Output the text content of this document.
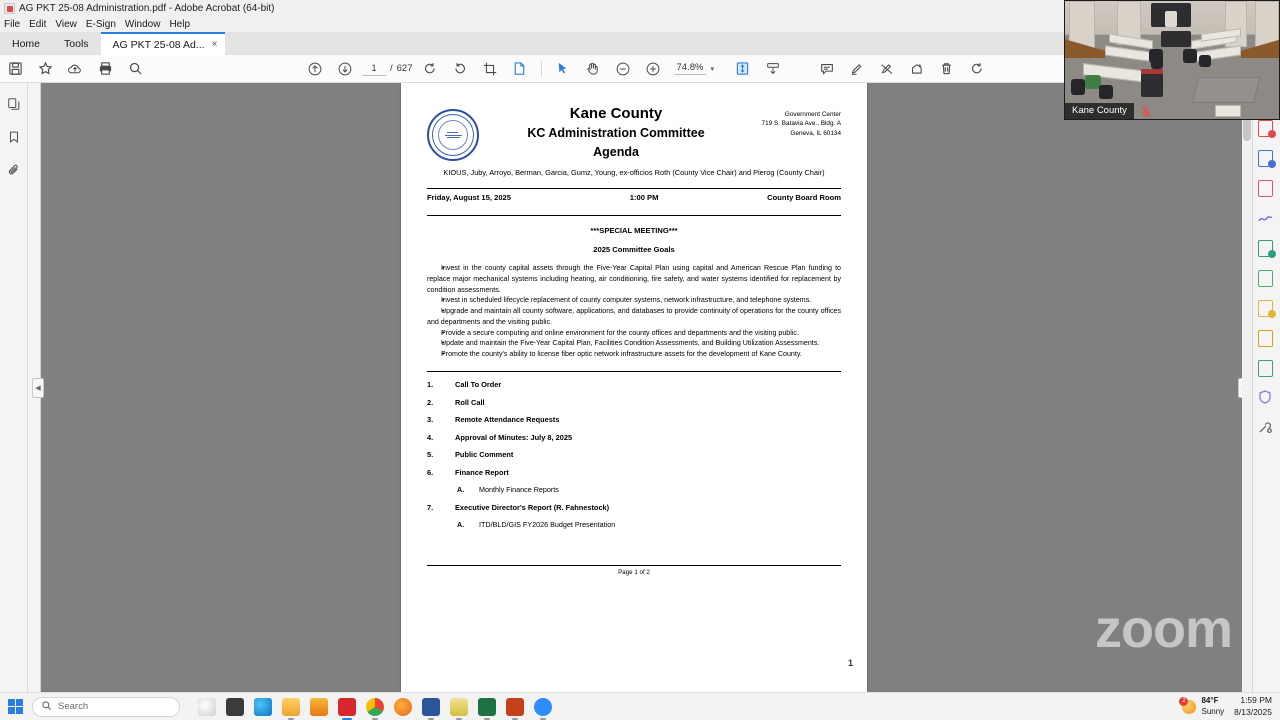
AG PKT 25-08 Administration.pdf - Adobe Acrobat (64-bit)
File Edit View E-Sign Window Help
Home	Tools	AG PKT 25-08 Ad... ×
1
/ 627	74.8%	▾
◀
Kane County
KC Administration Committee
Agenda
Government Center
719 S. Batavia Ave., Bldg. A
Geneva, IL 60134
KIOUS, Juby, Arroyo, Berman, Garcia, Gumz, Young, ex-officios Roth (County Vice Chair) and Pierog (County Chair)
Friday, August 15, 2025	1:00 PM	County Board Room
***SPECIAL MEETING***
2025 Committee Goals
• Invest in the county capital assets through the Five-Year Capital Plan using capital and American Rescue Plan funding to replace major mechanical systems including heating, air conditioning, fire safety, and water systems identified for replacement by condition assessments.
• Invest in scheduled lifecycle replacement of county computer systems, network infrastructure, and telephone systems.
• Upgrade and maintain all county software, applications, and databases to provide continuity of operations for the county offices and departments and the visiting public.
• Provide a secure computing and online environment for the county offices and departments and the visiting public.
• Update and maintain the Five-Year Capital Plan, Facilities Condition Assessments, and Building Utilization Assessments.
• Promote the county's ability to license fiber optic network infrastructure assets for the development of Kane County.
1.	Call To Order
2.	Roll Call
3.	Remote Attendance Requests
4.	Approval of Minutes: July 8, 2025
5.	Public Comment
6.	Finance Report
A.	Monthly Finance Reports
7.	Executive Director's Report (R. Fahnestock)
A.	ITD/BLD/GIS FY2026 Budget Presentation
Page 1 of 2
1
zoom
Kane County
Search
2	84°F
Sunny
1:59 PM
8/13/2025
